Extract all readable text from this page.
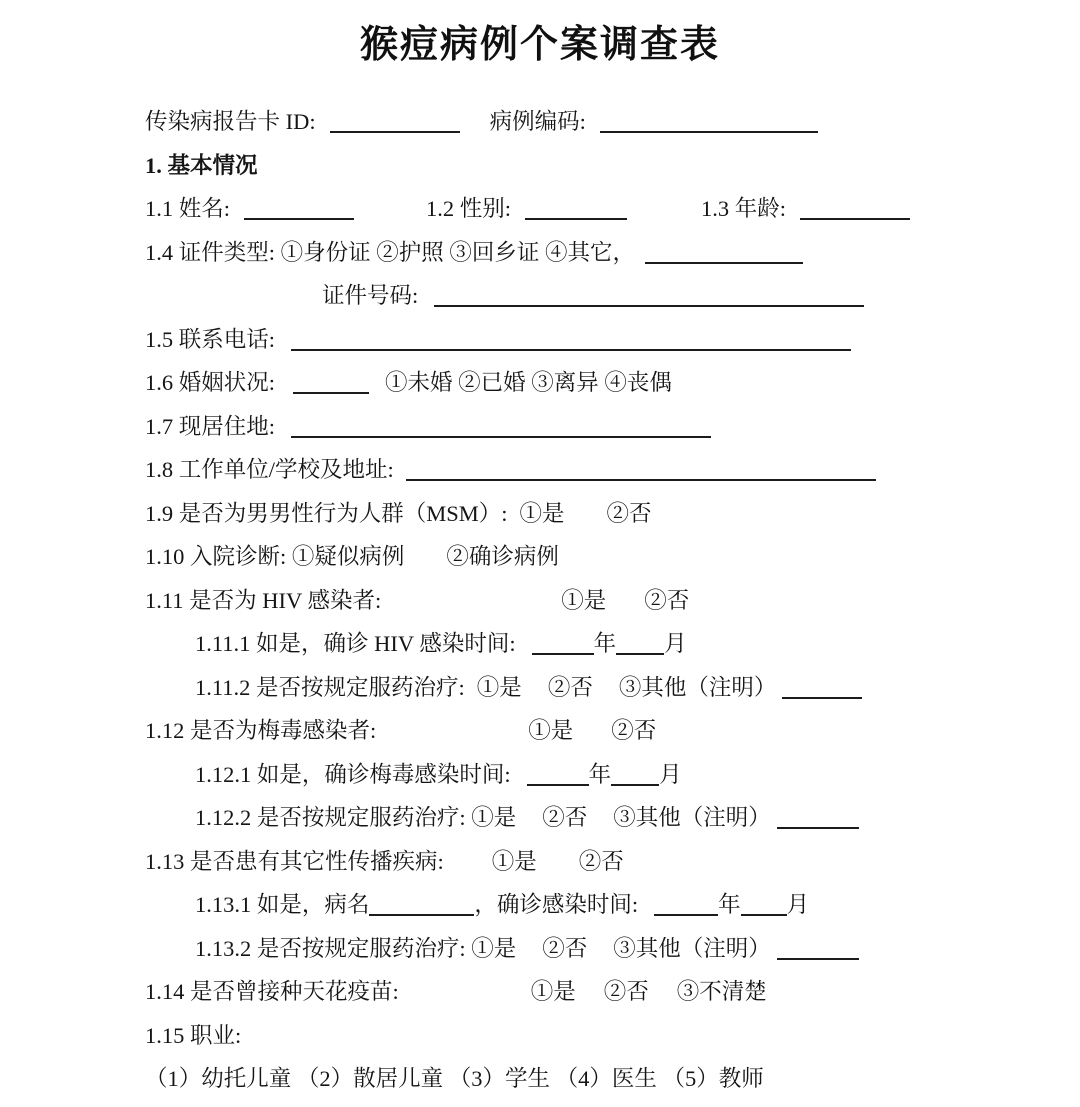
猴痘病例个案调查表
传染病报告卡 ID:	病例编码:
1. 基本情况
1.1 姓名:	1.2 性别:	1.3 年龄:
1.4 证件类型: ①身份证 ②护照 ③回乡证 ④其它，
证件号码:
1.5 联系电话:
1.6 婚姻状况:	①未婚 ②已婚 ③离异 ④丧偶
1.7 现居住地:
1.8 工作单位/学校及地址:
1.9 是否为男男性行为人群（MSM）: ①是 ②否
1.10 入院诊断: ①疑似病例 ②确诊病例
1.11 是否为 HIV 感染者:	①是 ②否
1.11.1 如是，确诊 HIV 感染时间:	年 月
1.11.2 是否按规定服药治疗: ①是 ②否 ③其他（注明）
1.12 是否为梅毒感染者:	①是 ②否
1.12.1 如是，确诊梅毒感染时间:	年 月
1.12.2 是否按规定服药治疗: ①是 ②否 ③其他（注明）
1.13 是否患有其它性传播疾病: ①是 ②否
1.13.1 如是，病名	，确诊感染时间:	年 月
1.13.2 是否按规定服药治疗: ①是 ②否 ③其他（注明）
1.14 是否曾接种天花疫苗:	①是 ②否 ③不清楚
1.15 职业:
（1）幼托儿童 （2）散居儿童 （3）学生 （4）医生 （5）教师
